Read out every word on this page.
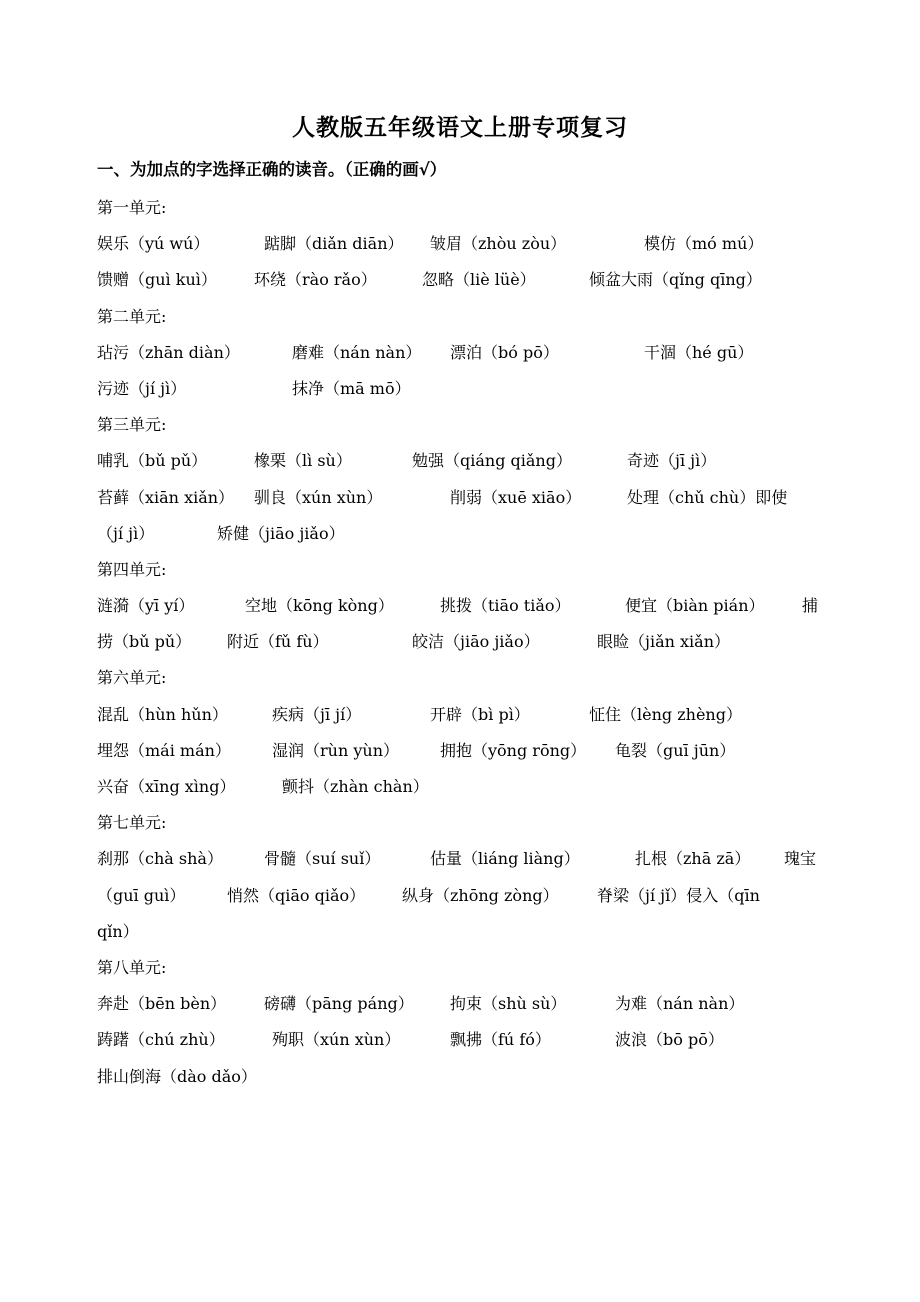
人教版五年级语文上册专项复习
一、为加点的字选择正确的读音。（正确的画√）
第一单元:
娱乐（yú wú）	踮脚（diǎn diān） 皱眉（zhòu zòu）	模仿（mó mú）
馈赠（guì kuì） 环绕（rào rǎo）	忽略（liè lüè）	倾盆大雨（qǐng qīng）
第二单元:
玷污（zhān diàn）	磨难（nán nàn） 漂泊（bó pō）	干涸（hé gū）
污迹（jí jì）	抹净（mā mō）
第三单元:
哺乳（bǔ pǔ）	橡栗（lì sù）	勉强（qiáng qiǎng）	奇迹（jī jì）
苔藓（xiān xiǎn） 驯良（xún xùn）	削弱（xuē xiāo）	处理（chǔ chù）即使
（jí jì）	矫健（jiāo jiǎo）
第四单元:
涟漪（yī yí）	空地（kōng kòng）	挑拨（tiāo tiǎo）	便宜（biàn pián） 捕
捞（bǔ pǔ） 附近（fǔ fù）	皎洁（jiāo jiǎo）	眼睑（jiǎn xiǎn）
第六单元:
混乱（hùn hǔn）	疾病（jī jí）	开辟（bì pì）	怔住（lèng zhèng）
埋怨（mái mán）	湿润（rùn yùn）	拥抱（yōng rōng） 龟裂（guī jūn）
兴奋（xīng xìng）	颤抖（zhàn chàn）
第七单元:
刹那（chà shà）	骨髓（suí suǐ）	估量（liáng liàng）	扎根（zhā zā） 瑰宝
（guī guì）	悄然（qiāo qiǎo） 纵身（zhōng zòng） 脊梁（jí jǐ）侵入（qīn
qǐn）
第八单元:
奔赴（bēn bèn） 磅礴（pāng páng） 拘束（shù sù）	为难（nán nàn）
踌躇（chú zhù）	殉职（xún xùn）	飘拂（fú fó）	波浪（bō pō）
排山倒海（dào dǎo）
